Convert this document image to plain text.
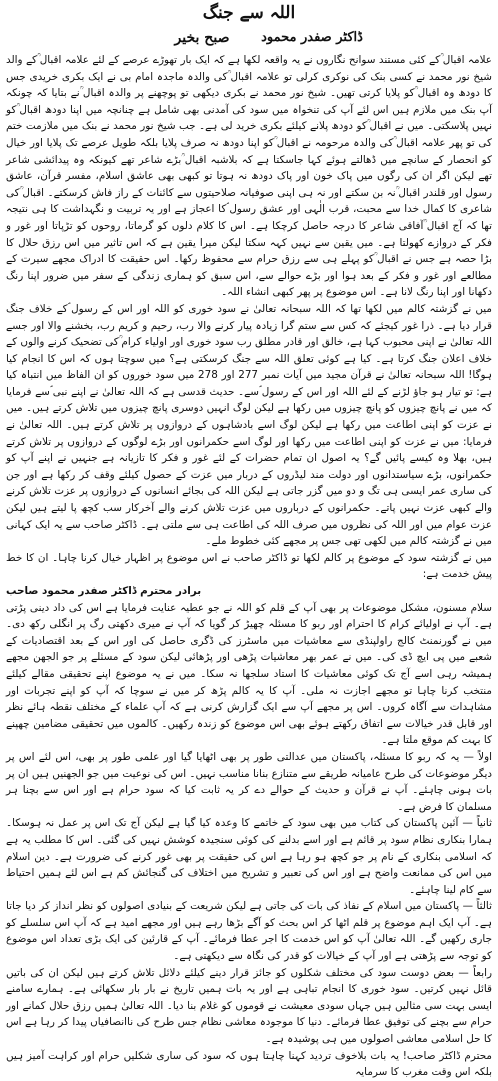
اللہ سے جنگ
ڈاکٹر صفدر محمود
صبح بخیر

علامہ اقبال ؒکے کئی مستند سوانح نگاروں نے یہ واقعہ لکھا ہے کہ ایک بار تھوڑے عرصے کے لئے علامہ اقبال ؒکے والد شیخ نور محمد نے کسی بنک کی نوکری کرلی تو علامہ اقبال ؒکی والدہ ماجدہ امام بی نے ایک بکری خریدی جس کا دودھ وہ اقبال ؒکو پلایا کرتی تھیں۔ شیخ نور محمد نے بکری دیکھی تو پوچھنے پر والدہ اقبال ؒنے بتایا کہ چونکہ آپ بنک میں ملازم ہیں اس لئے آپ کی تنخواہ میں سود کی آمدنی بھی شامل ہے چنانچہ میں اپنا دودھ اقبال ؒکو نہیں پلاسکتی۔ میں نے اقبال ؒکو دودھ پلانے کیلئے بکری خرید لی ہے۔ جب شیخ نور محمد نے بنک میں ملازمت ختم کی تو پھر علامہ اقبال ؒکی والدہ مرحومہ نے اقبال ؒکو اپنا دودھ نہ صرف پلایا بلکہ طویل عرصے تک پلایا اور خیال کو انحصار کے سانچے میں ڈھالتے ہوئے کہا جاسکتا ہے کہ بلاشبہ اقبال ؒبڑے شاعر تھے کیونکہ وہ پیدائشی شاعر تھے لیکن اگر ان کی رگوں میں پاک خون اور پاک دودھ نہ ہوتا تو کبھی بھی عاشق اسلام، مفسر قرآن، عاشق رسول اور قلندر اقبال ؒنہ بن سکتے اور نہ ہی اپنی صوفیانہ صلاحیتوں سے کائنات کے راز فاش کرسکتے۔ اقبال ؒکی شاعری کا کمال خدا سے محبت، قرب الٰہی اور عشق رسول ؐکا اعجاز ہے اور یہ تربیت و نگہداشت کا ہی نتیجہ تھا کہ آج اقبال ؒآفاقی شاعر کا درجہ حاصل کرچکا ہے۔ اس کا کلام دلوں کو گرماتا، روحوں کو تڑپاتا اور غور و فکر کے دروازے کھولتا ہے۔ میں یقین سے نہیں کہہ سکتا لیکن میرا یقین ہے کہ اس تاثیر میں اس رزق حلال کا بڑا حصہ ہے جس نے اقبال ؒکو پہلے ہی سے رزق حرام سے محفوظ رکھا۔ اس حقیقت کا ادراک مجھے سیرت کے مطالعے اور غور و فکر کے بعد ہوا اور بڑے حوالے سے، اس سبق کو ہماری زندگی کے سفر میں ضرور اپنا رنگ دکھانا اور اپنا رنگ لانا ہے۔ اس موضوع پر پھر کبھی انشاء اللہ۔

میں نے گزشتہ کالم میں لکھا تھا کہ اللہ سبحانہ تعالیٰ نے سود خوری کو اللہ اور اس کے رسول ؐکے خلاف جنگ قرار دیا ہے۔ ذرا غور کیجئے کہ کس سے ستم گرا زیادہ پیار کرنے والا رب، رحیم و کریم رب، بخشنے والا اور جسے اللہ تعالیٰ نے اپنی محبوب کہا ہے، خالق اور قادر مطلق رب سود خوری اور اولیاء کرام ؒکی تضحیک کرنے والوں کے خلاف اعلان جنگ کرتا ہے۔ کیا ہے کوئی تعلق اللہ سے جنگ کرسکتی ہے؟ میں سوچتا ہوں کہ اس کا انجام کیا ہوگا! اللہ سبحانہ تعالیٰ نے قرآن مجید میں آیات نمبر 277 اور 278 میں سود خوروں کو ان الفاظ میں انتباہ کیا ہے: تو تیار ہو جاؤ لڑنے کے لئے اللہ اور اس کے رسول ؐسے۔ حدیث قدسی ہے کہ اللہ تعالیٰ نے اپنے نبی ؐسے فرمایا کہ میں نے پانچ چیزوں کو پانچ چیزوں میں رکھا ہے لیکن لوگ انہیں دوسری پانچ چیزوں میں تلاش کرتے ہیں۔ میں نے عزت کو اپنی اطاعت میں رکھا ہے لیکن لوگ اسے بادشاہوں کے دروازوں پر تلاش کرتے ہیں۔ اللہ تعالیٰ نے فرمایا: میں نے عزت کو اپنی اطاعت میں رکھا اور لوگ اسے حکمرانوں اور بڑے لوگوں کے دروازوں پر تلاش کرتے ہیں، بھلا وہ کیسے پائیں گے؟ یہ اصول ان تمام حضرات کے لئے غور و فکر کا تازیانہ ہے جنہیں نے اپنے آپ کو حکمرانوں، بڑے سیاستدانوں اور دولت مند لیڈروں کے دربار میں عزت کے حصول کیلئے وقف کر رکھا ہے اور جن کی ساری عمر ایسی ہی تگ و دو میں گزر جاتی ہے لیکن اللہ کی بجائے انسانوں کے دروازوں پر عزت تلاش کرنے والے کبھی عزت نہیں پاتے۔ حکمرانوں کے درباروں میں عزت تلاش کرنے والے آخرکار سب کچھ پا لیتے ہیں لیکن عزت عوام میں اور اللہ کی نظروں میں صرف اللہ کی اطاعت ہی سے ملتی ہے۔ ڈاکٹر صاحب سے یہ ایک کہانی میں نے گزشتہ کالم میں لکھی تھی جس پر مجھے کئی خطوط ملے۔

میں نے گزشتہ سود کے موضوع پر کالم لکھا تو ڈاکٹر صاحب نے اس موضوع پر اظہار خیال کرنا چاہا۔ ان کا خط پیش خدمت ہے:

برادر محترم ڈاکٹر صفدر محمود صاحب

سلام مسنون، مشکل موضوعات پر بھی آپ کے قلم کو اللہ نے جو عطیہ عنایت فرمایا ہے اس کی داد دینی پڑتی ہے۔ آپ نے اولیائے کرام کا احترام اور ربو کا مسئلہ چھیڑ کر گویا کہ آپ نے میری دکھتی رگ پر انگلی رکھ دی۔ میں نے گورنمنٹ کالج راولپنڈی سے معاشیات میں ماسٹرز کی ڈگری حاصل کی اور اس کے بعد اقتصادیات کے شعبے میں پی ایچ ڈی کی۔ میں نے عمر بھر معاشیات پڑھی اور پڑھائی لیکن سود کے مسئلے پر جو الجھن مجھے ہمیشہ رہی اسے آج تک کوئی معاشیات کا استاد سلجھا نہ سکا۔ میں نے یہ موضوع اپنے تحقیقی مقالے کیلئے منتخب کرنا چاہا تو مجھے اجازت نہ ملی۔ آپ کا یہ کالم پڑھ کر میں نے سوچا کہ آپ کو اپنے تجربات اور مشاہدات سے آگاہ کروں۔ اس پر مجھے آپ سے ایک گزارش کرنی ہے کہ آپ علماء کے مختلف نقطہ ہائے نظر اور قابل قدر خیالات سے اتفاق رکھتے ہوئے بھی اس موضوع کو زندہ رکھیں۔ کالموں میں تحقیقی مضامین چھپنے کا بہت کم موقع ملتا ہے۔

اولاً — یہ کہ ربو کا مسئلہ، پاکستان میں عدالتی طور پر بھی اٹھایا گیا اور علمی طور پر بھی، اس لئے اس پر دیگر موضوعات کی طرح عامیانہ طریقے سے متنازع بنانا مناسب نہیں۔ اس کی نوعیت میں جو الجھنیں ہیں ان پر بات ہونی چاہئے۔ آپ نے قرآن و حدیث کے حوالے دے کر یہ ثابت کیا کہ سود حرام ہے اور اس سے بچنا ہر مسلمان کا فرض ہے۔

ثانیاً — آئین پاکستان کی کتاب میں بھی سود کے خاتمے کا وعدہ کیا گیا ہے لیکن آج تک اس پر عمل نہ ہوسکا۔ ہمارا بنکاری نظام سود پر قائم ہے اور اسے بدلنے کی کوئی سنجیدہ کوشش نہیں کی گئی۔ اس کا مطلب یہ ہے کہ اسلامی بنکاری کے نام پر جو کچھ ہو رہا ہے اس کی حقیقت پر بھی غور کرنے کی ضرورت ہے۔ دین اسلام میں اس کی ممانعت واضح ہے اور اس کی تعبیر و تشریح میں اختلاف کی گنجائش کم ہے اس لئے ہمیں احتیاط سے کام لینا چاہئے۔

ثالثاً — پاکستان میں اسلام کے نفاذ کی بات کی جاتی ہے لیکن شریعت کے بنیادی اصولوں کو نظر انداز کر دیا جاتا ہے۔ آپ ایک اہم موضوع پر قلم اٹھا کر اس بحث کو آگے بڑھا رہے ہیں اور مجھے امید ہے کہ آپ اس سلسلے کو جاری رکھیں گے۔ اللہ تعالیٰ آپ کو اس خدمت کا اجر عطا فرمائے۔ آپ کے قارئین کی ایک بڑی تعداد اس موضوع کو توجہ سے پڑھتی ہے اور آپ کے خیالات کو قدر کی نگاہ سے دیکھتی ہے۔

رابعاً — بعض دوست سود کی مختلف شکلوں کو جائز قرار دینے کیلئے دلائل تلاش کرتے ہیں لیکن ان کی باتیں قائل نہیں کرتیں۔ سود خوری کا انجام تباہی ہے اور یہ بات ہمیں تاریخ نے بار بار سکھائی ہے۔ ہمارے سامنے ایسی بہت سی مثالیں ہیں جہاں سودی معیشت نے قوموں کو غلام بنا دیا۔ اللہ تعالیٰ ہمیں رزق حلال کمانے اور حرام سے بچنے کی توفیق عطا فرمائے۔ دنیا کا موجودہ معاشی نظام جس طرح کی ناانصافیاں پیدا کر رہا ہے اس کا حل اسلامی معاشی اصولوں میں ہی پوشیدہ ہے۔

محترم ڈاکٹر صاحب! یہ بات بلاخوف تردید کہنا چاہتا ہوں کہ سود کی ساری شکلیں حرام اور کراہت آمیز ہیں بلکہ اس وقت مغرب کا سرمایہ
